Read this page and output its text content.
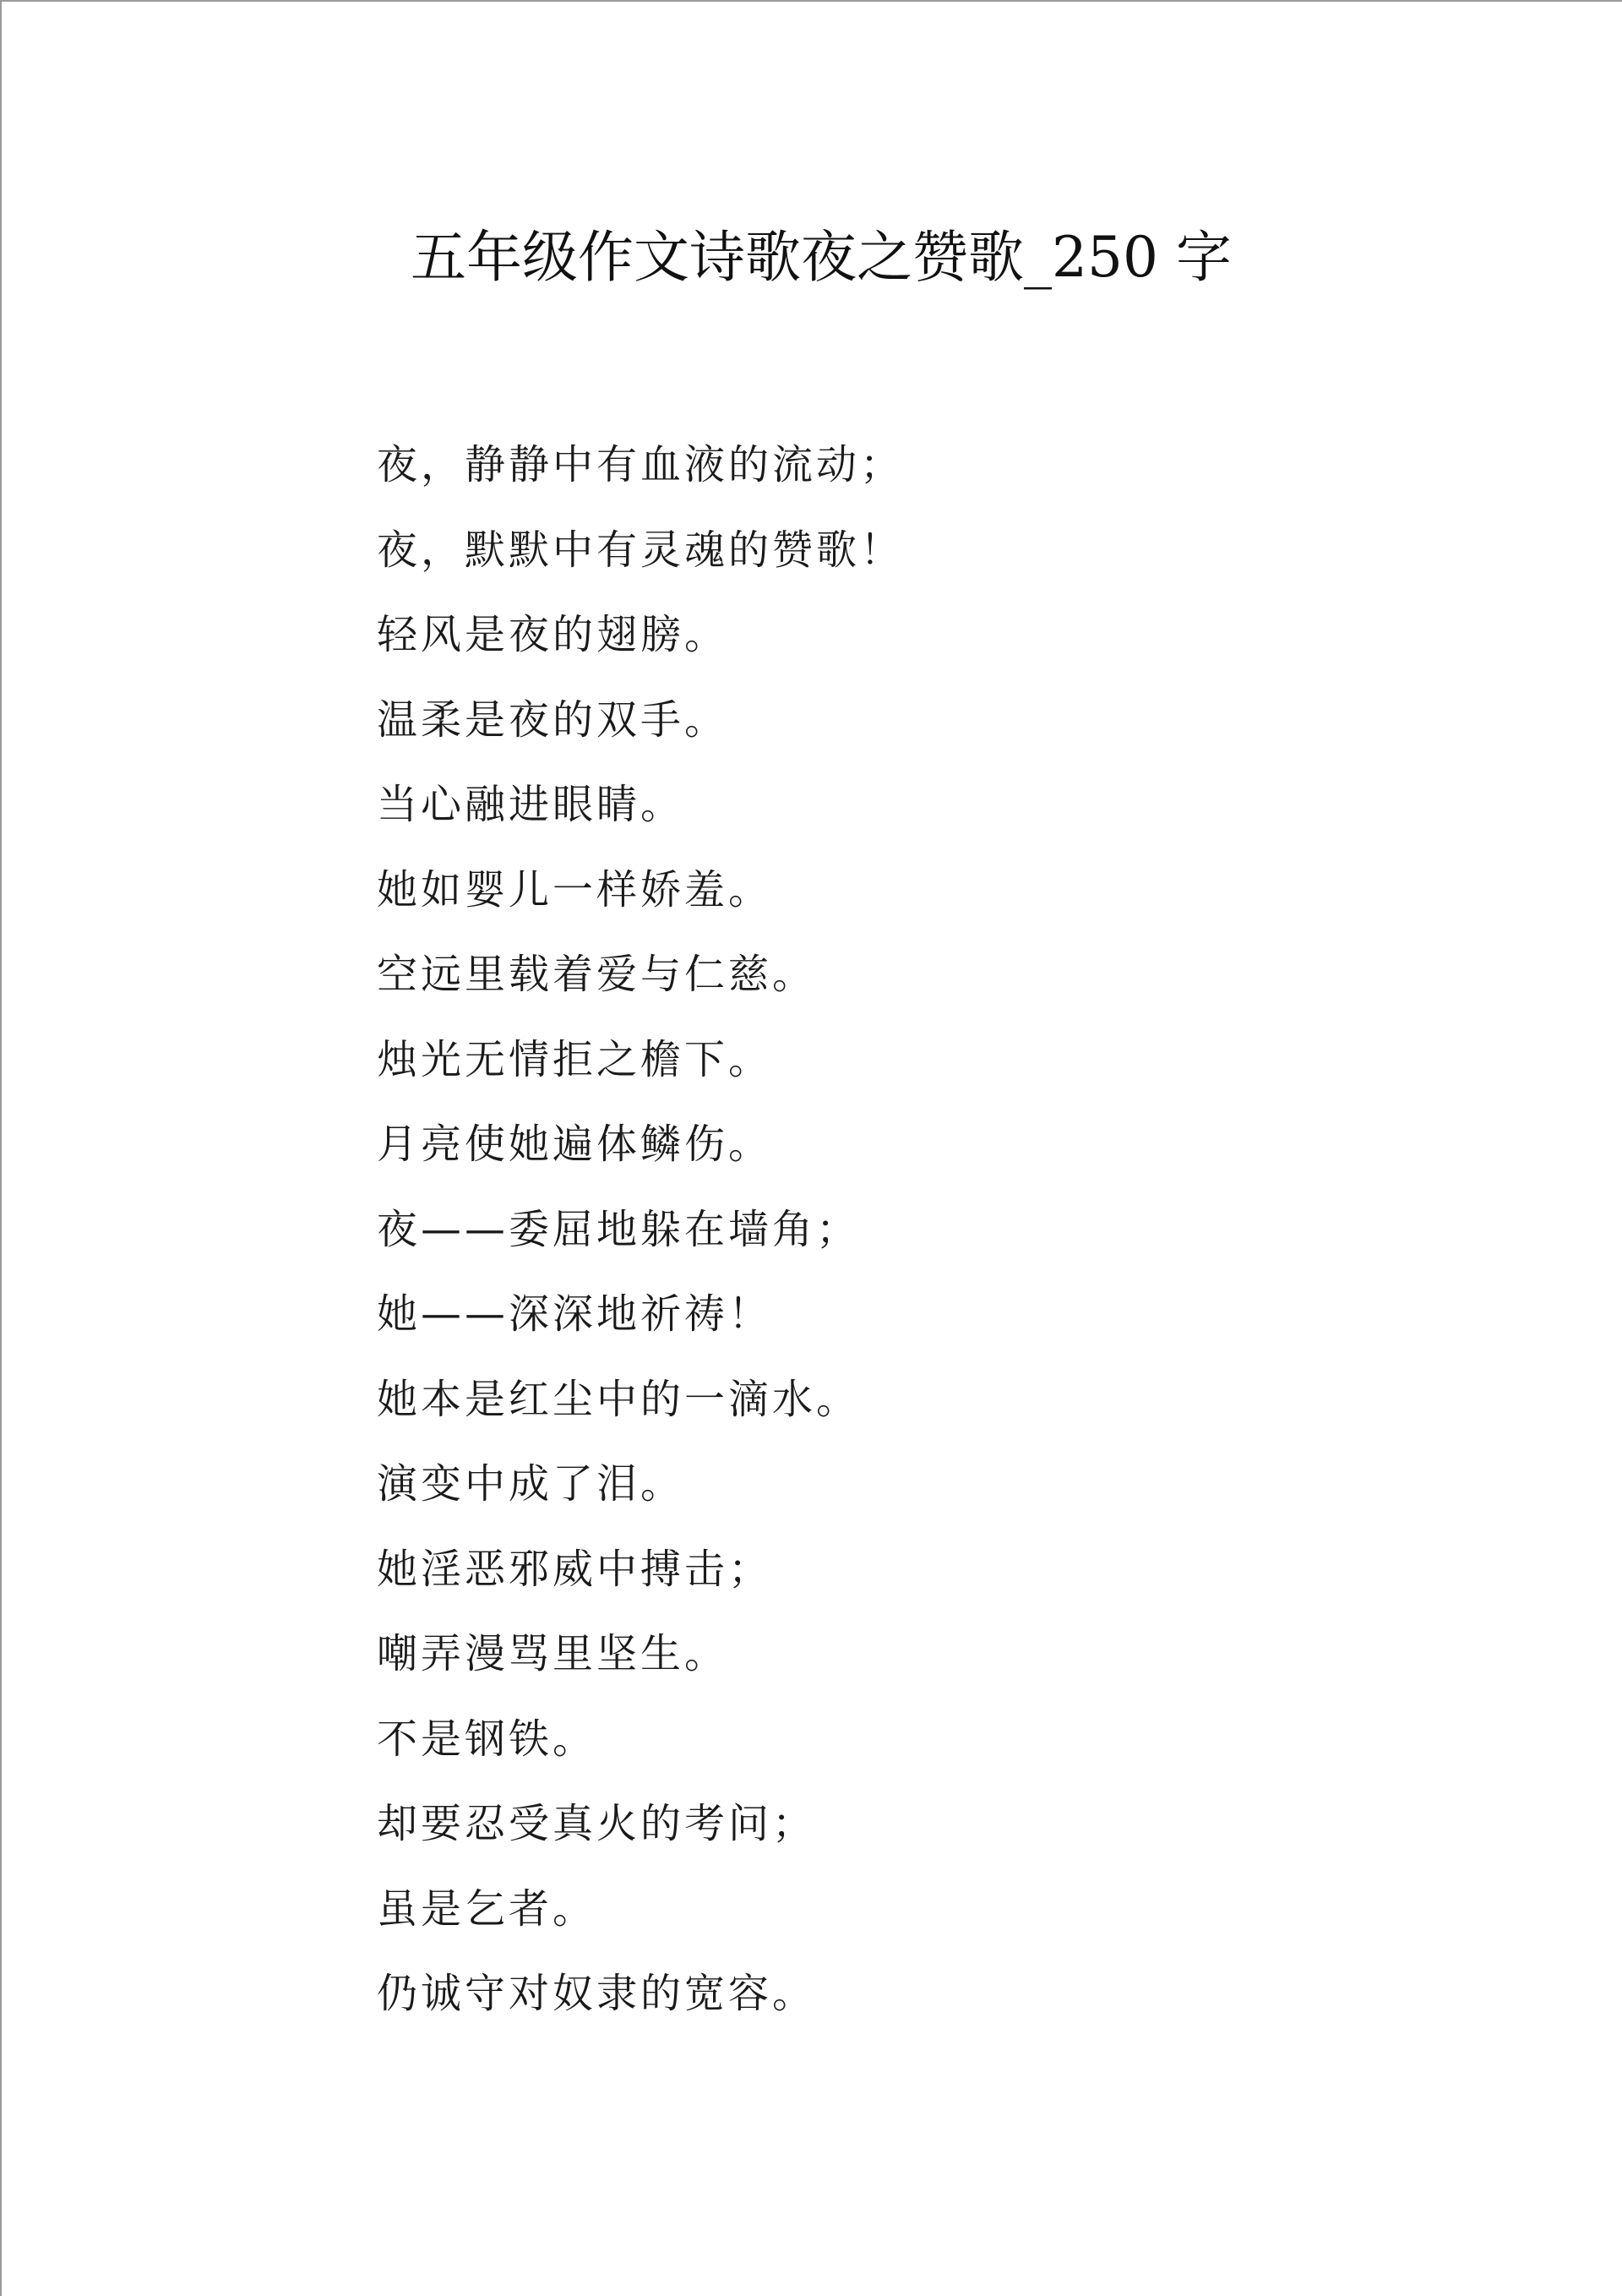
五年级作文诗歌夜之赞歌_250 字
夜，静静中有血液的流动；
夜，默默中有灵魂的赞歌！
轻风是夜的翅膀。
温柔是夜的双手。
当心融进眼睛。
她如婴儿一样娇羞。
空远里载着爱与仁慈。
烛光无情拒之檐下。
月亮使她遍体鳞伤。
夜——委屈地躲在墙角；
她——深深地祈祷！
她本是红尘中的一滴水。
演变中成了泪。
她淫恶邪威中搏击；
嘲弄漫骂里坚生。
不是钢铁。
却要忍受真火的考问；
虽是乞者。
仍诚守对奴隶的宽容。
